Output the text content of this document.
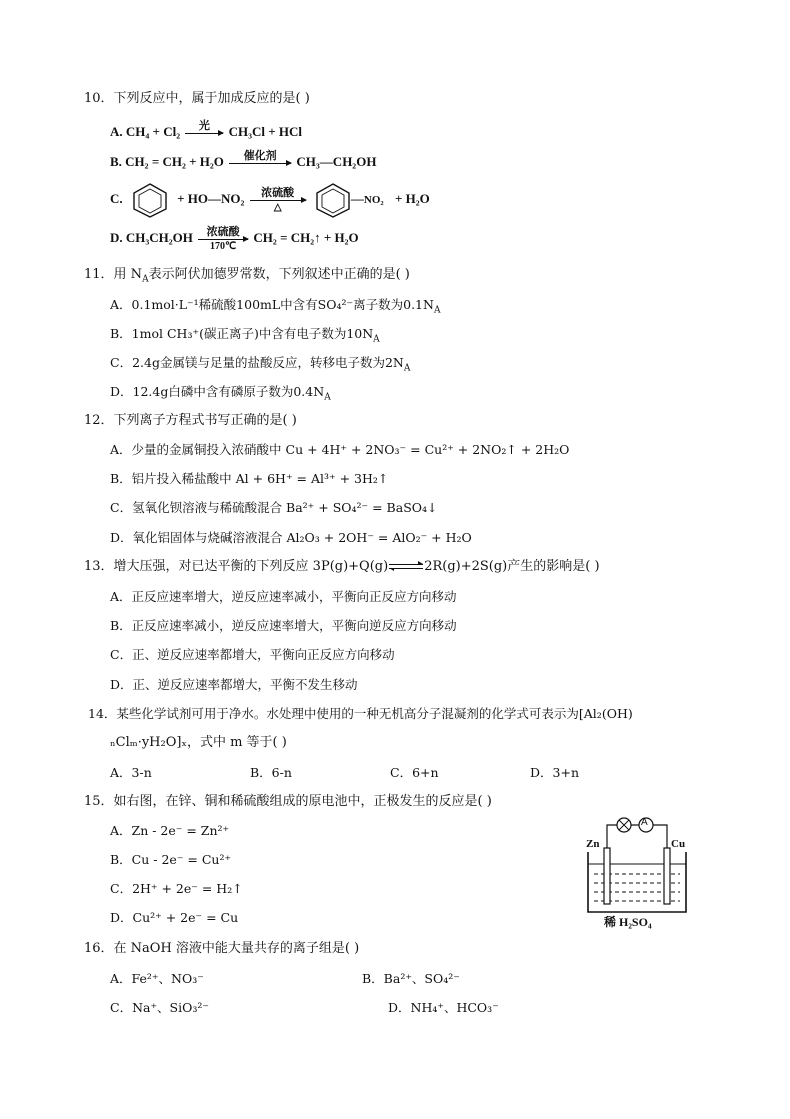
10．下列反应中，属于加成反应的是( )
A. CH₄ + Cl₂	光
	CH₃Cl + HCl
B. CH₂ = CH₂ + H₂O	催化剂
	CH₃—CH₂OH
C.	+ HO—NO₂	浓硫酸
△
—NO₂ + H₂O
D. CH₃CH₂OH	浓硫酸
170℃
CH₂ = CH₂↑ + H₂O
11．用 $N_A$表示阿伏加德罗常数，下列叙述中正确的是( )
A．0.1mol·L⁻¹稀硫酸100mL中含有SO₄²⁻离子数为$0.1N_A$
B．1mol CH₃⁺(碳正离子)中含有电子数为$10N_A$
C．2.4g金属镁与足量的盐酸反应，转移电子数为$2N_A$
D．12.4g白磷中含有磷原子数为$0.4N_A$
12．下列离子方程式书写正确的是( )
A．少量的金属铜投入浓硝酸中 Cu + 4H⁺ + 2NO₃⁻ = Cu²⁺ + 2NO₂↑ + 2H₂O
B．铝片投入稀盐酸中 Al + 6H⁺ = Al³⁺ + 3H₂↑
C．氢氧化钡溶液与稀硫酸混合 Ba²⁺ + SO₄²⁻ = BaSO₄↓
D．氧化铝固体与烧碱溶液混合 Al₂O₃ + 2OH⁻ = AlO₂⁻ + H₂O
13．增大压强，对已达平衡的下列反应 3P(g)+Q(g)⇌2R(g)+2S(g)产生的影响是( )
A．正反应速率增大，逆反应速率减小，平衡向正反应方向移动
B．正反应速率减小，逆反应速率增大，平衡向逆反应方向移动
C．正、逆反应速率都增大，平衡向正反应方向移动
D．正、逆反应速率都增大，平衡不发生移动
14．某些化学试剂可用于净水。水处理中使用的一种无机高分子混凝剂的化学式可表示为[Al₂(OH)
ₙClₘ·yH₂O]ₓ，式中 m 等于( )
A．3-n	B．6-n	C．6+n	D．3+n
15．如右图，在锌、铜和稀硫酸组成的原电池中，正极发生的反应是( )
A．Zn - 2e⁻ = Zn²⁺
B．Cu - 2e⁻ = Cu²⁺
C．2H⁺ + 2e⁻ = H₂↑
D．Cu²⁺ + 2e⁻ = Cu
A
Zn	Cu
稀 H₂SO₄
16．在 NaOH 溶液中能大量共存的离子组是( )
A．Fe²⁺、NO₃⁻	B．Ba²⁺、SO₄²⁻
C．Na⁺、SiO₃²⁻	D．NH₄⁺、HCO₃⁻
